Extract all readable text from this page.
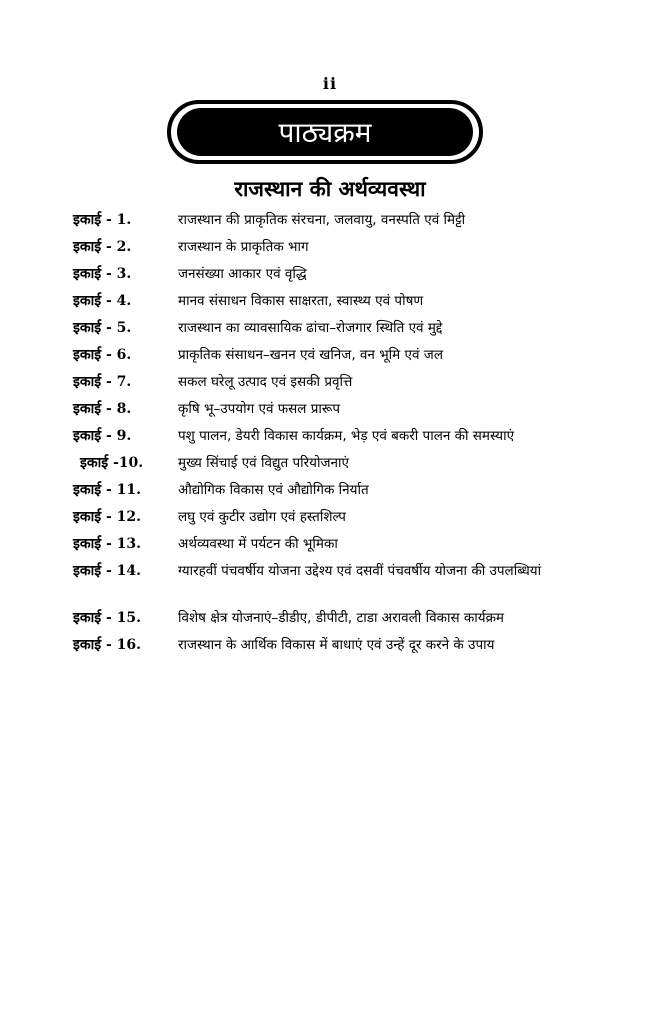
ii
पाठ्यक्रम
राजस्थान की अर्थव्यवस्था
इकाई - 1.	राजस्थान की प्राकृतिक संरचना, जलवायु, वनस्पति एवं मिट्टी
इकाई - 2.	राजस्थान के प्राकृतिक भाग
इकाई - 3.	जनसंख्या आकार एवं वृद्धि
इकाई - 4.	मानव संसाधन विकास साक्षरता, स्वास्थ्य एवं पोषण
इकाई - 5.	राजस्थान का व्यावसायिक ढांचा–रोजगार स्थिति एवं मुद्दे
इकाई - 6.	प्राकृतिक संसाधन–खनन एवं खनिज, वन भूमि एवं जल
इकाई - 7.	सकल घरेलू उत्पाद एवं इसकी प्रवृत्ति
इकाई - 8.	कृषि भू–उपयोग एवं फसल प्रारूप
इकाई - 9.	पशु पालन, डेयरी विकास कार्यक्रम, भेड़ एवं बकरी पालन की समस्याएं
इकाई -10.	मुख्य सिंचाई एवं विद्युत परियोजनाएं
इकाई - 11.	औद्योगिक विकास एवं औद्योगिक निर्यात
इकाई - 12.	लघु एवं कुटीर उद्योग एवं हस्तशिल्प
इकाई - 13.	अर्थव्यवस्था में पर्यटन की भूमिका
इकाई - 14.	ग्यारहवीं पंचवर्षीय योजना उद्देश्य एवं दसवीं पंचवर्षीय योजना की उपलब्धियां
इकाई - 15.	विशेष क्षेत्र योजनाएं–डीडीए, डीपीटी, टाडा अरावली विकास कार्यक्रम
इकाई - 16.	राजस्थान के आर्थिक विकास में बाधाएं एवं उन्हें दूर करने के उपाय
